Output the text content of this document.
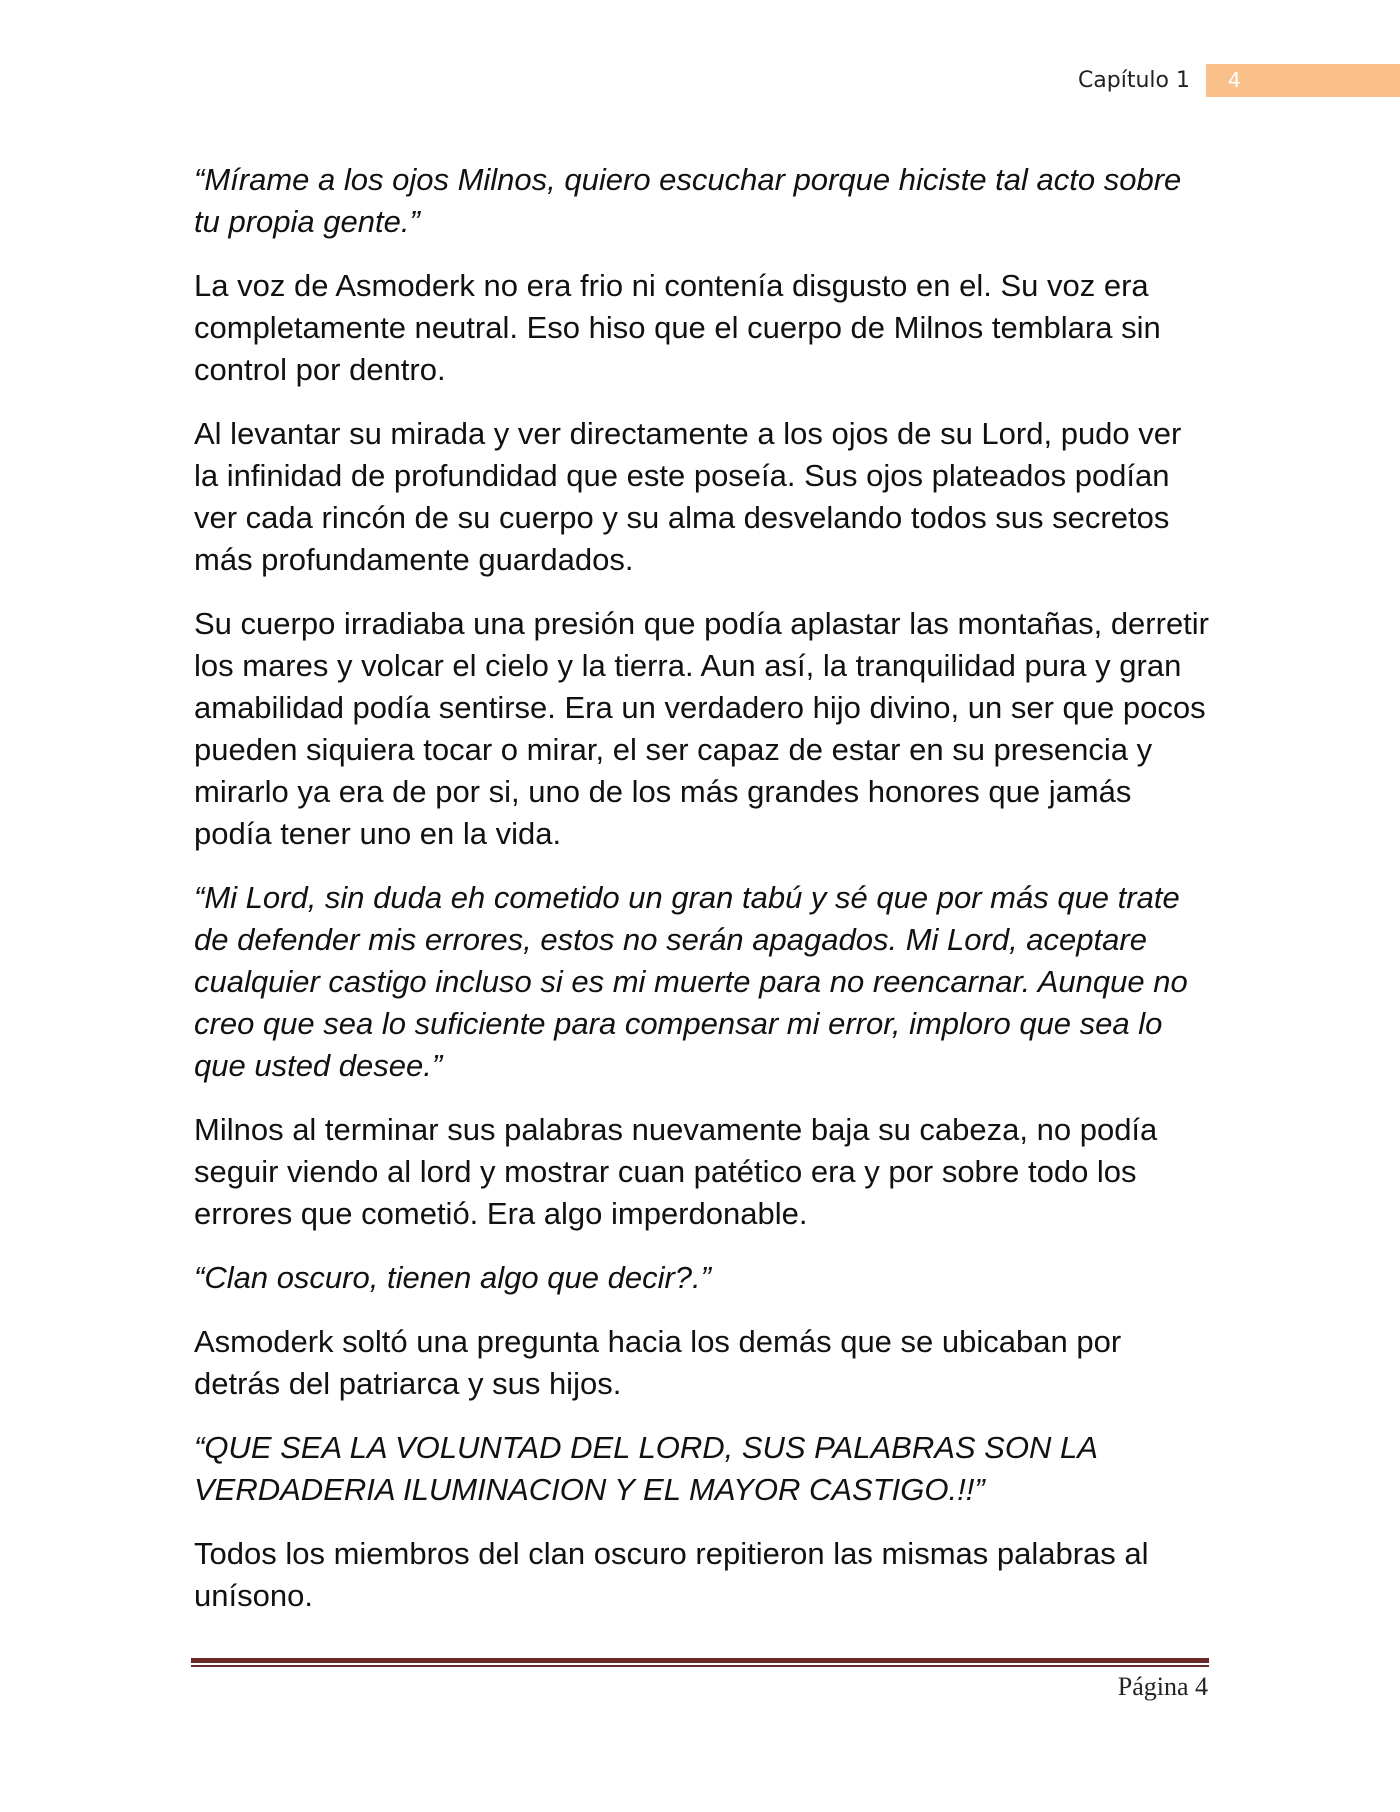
Capítulo 1	4

“Mírame a los ojos Milnos, quiero escuchar porque hiciste tal acto sobre tu propia gente.”

La voz de Asmoderk no era frio ni contenía disgusto en el. Su voz era completamente neutral. Eso hiso que el cuerpo de Milnos temblara sin control por dentro.

Al levantar su mirada y ver directamente a los ojos de su Lord, pudo ver la infinidad de profundidad que este poseía. Sus ojos plateados podían ver cada rincón de su cuerpo y su alma desvelando todos sus secretos más profundamente guardados.

Su cuerpo irradiaba una presión que podía aplastar las montañas, derretir los mares y volcar el cielo y la tierra. Aun así, la tranquilidad pura y gran amabilidad podía sentirse. Era un verdadero hijo divino, un ser que pocos pueden siquiera tocar o mirar, el ser capaz de estar en su presencia y mirarlo ya era de por si, uno de los más grandes honores que jamás podía tener uno en la vida.

“Mi Lord, sin duda eh cometido un gran tabú y sé que por más que trate de defender mis errores, estos no serán apagados. Mi Lord, aceptare cualquier castigo incluso si es mi muerte para no reencarnar. Aunque no creo que sea lo suficiente para compensar mi error, imploro que sea lo que usted desee.”

Milnos al terminar sus palabras nuevamente baja su cabeza, no podía seguir viendo al lord y mostrar cuan patético era y por sobre todo los errores que cometió. Era algo imperdonable.

“Clan oscuro, tienen algo que decir?.”

Asmoderk soltó una pregunta hacia los demás que se ubicaban por detrás del patriarca y sus hijos.

“QUE SEA LA VOLUNTAD DEL LORD, SUS PALABRAS SON LA VERDADERIA ILUMINACION Y EL MAYOR CASTIGO.!!”

Todos los miembros del clan oscuro repitieron las mismas palabras al unísono.

Página 4
